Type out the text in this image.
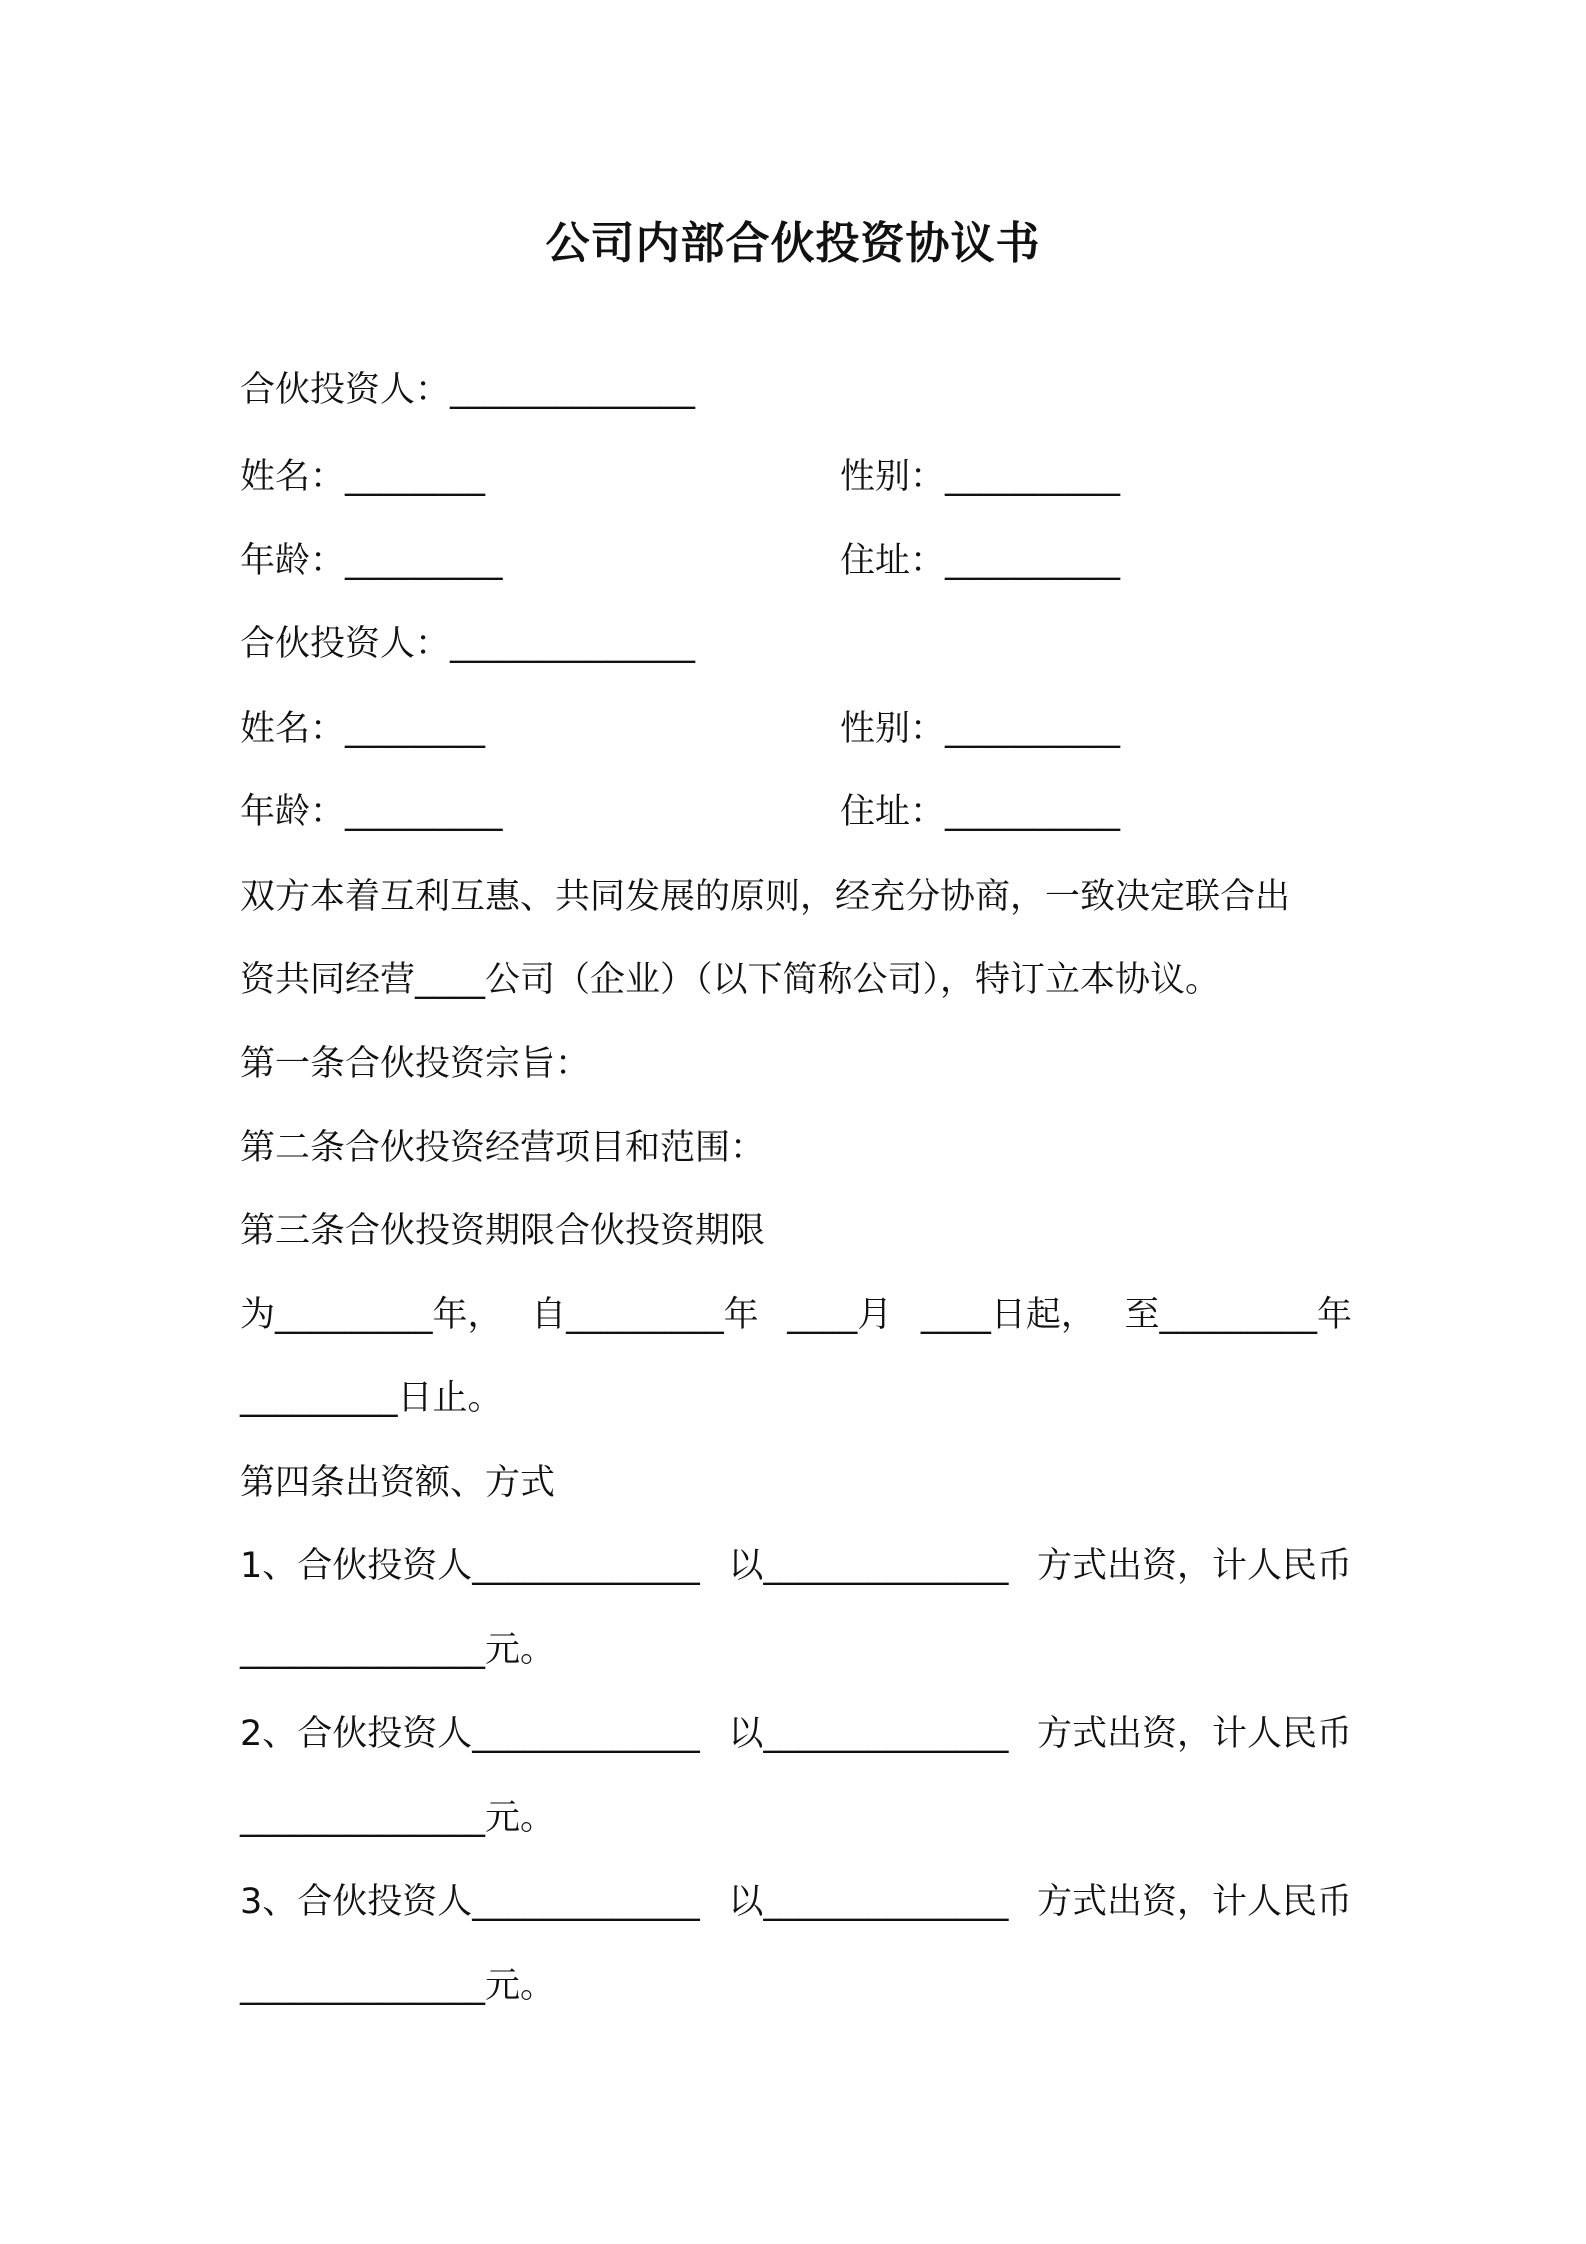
公司内部合伙投资协议书
合伙投资人：______________
姓名：________	性别：__________
年龄：_________	住址：__________
合伙投资人：______________
姓名：________	性别：__________
年龄：_________	住址：__________
双方本着互利互惠、共同发展的原则，经充分协商，一致决定联合出
资共同经营____公司（企业）（以下简称公司），特订立本协议。
第一条合伙投资宗旨：
第二条合伙投资经营项目和范围：
第三条合伙投资期限合伙投资期限
为_________年， 自_________年 ____月 ____日起， 至_________年
_________日止。
第四条出资额、方式
1、合伙投资人_____________ 以______________ 方式出资，计人民币
______________元。
2、合伙投资人_____________ 以______________ 方式出资，计人民币
______________元。
3、合伙投资人_____________ 以______________ 方式出资，计人民币
______________元。
